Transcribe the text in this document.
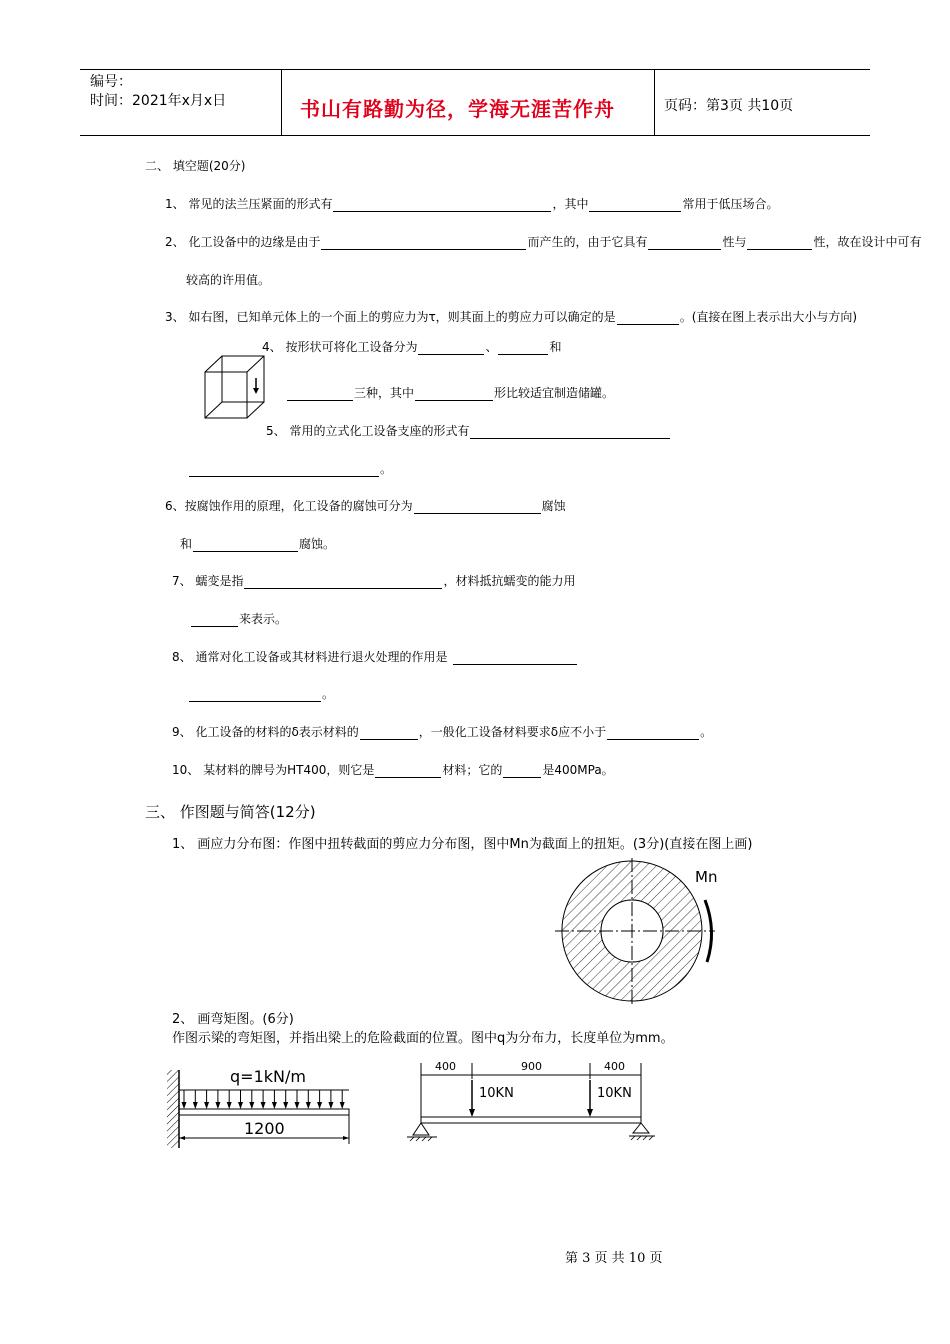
编号：
时间：2021年x月x日	书山有路勤为径，学海无涯苦作舟	页码：第3页 共10页
二、 填空题(20分)
1、 常见的法兰压紧面的形式有	，其中	常用于低压场合。
2、 化工设备中的边缘是由于	而产生的，由于它具有	性与	性，故在设计中可有
较高的许用值。
3、 如右图，已知单元体上的一个面上的剪应力为τ，则其面上的剪应力可以确定的是	。(直接在图上表示出大小与方向)
4、 按形状可将化工设备分为	、	和
三种，其中	形比较适宜制造储罐。
5、 常用的立式化工设备支座的形式有
。
6、按腐蚀作用的原理，化工设备的腐蚀可分为	腐蚀
和	腐蚀。
7、 蠕变是指	，材料抵抗蠕变的能力用
来表示。
8、 通常对化工设备或其材料进行退火处理的作用是
。
9、 化工设备的材料的δ表示材料的	，一般化工设备材料要求δ应不小于	。
10、 某材料的牌号为HT400，则它是	材料；它的	是400MPa。
三、 作图题与简答(12分)
1、 画应力分布图：作图中扭转截面的剪应力分布图，图中Mn为截面上的扭矩。(3分)(直接在图上画)
Mn
2、 画弯矩图。(6分)
作图示梁的弯矩图，并指出梁上的危险截面的位置。图中q为分布力，长度单位为mm。
q=1kN/m
1200
400	900	400
10KN	10KN
第 3 页 共 10 页
